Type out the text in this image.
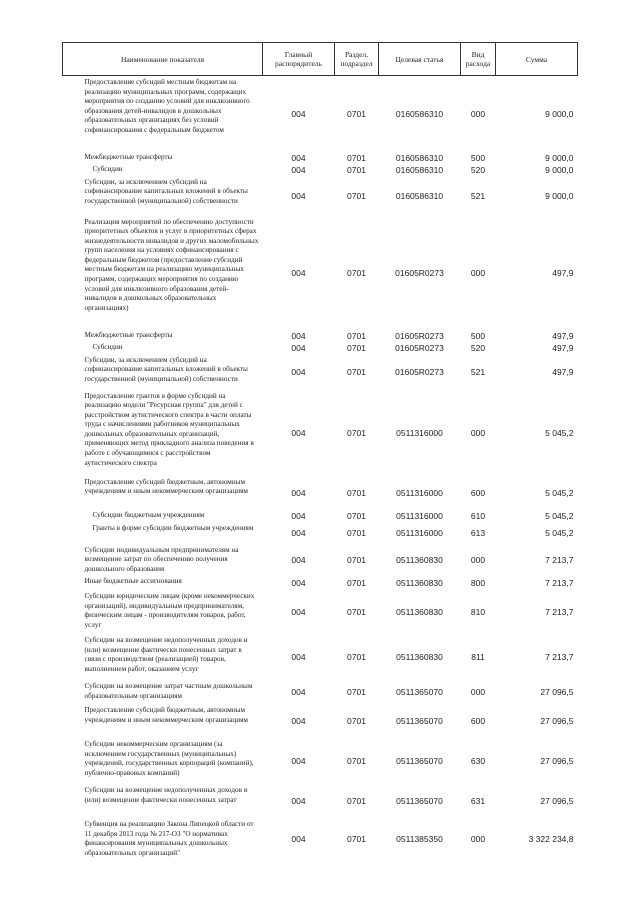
Наименование показателя	Главный распорядитель	Раздел, подраздел	Целевая статья	Вид расхода	Сумма
Предоставление субсидий местным бюджетам на реализацию муниципальных программ, содержащих мероприятия по созданию условий для инклюзивного образования детей-инвалидов в дошкольных образовательных организациях без условий софинансирования с федеральным бюджетом	004	0701	0160586310	000	9 000,0
Межбюджетные трансферты	004	0701	0160586310	500	9 000,0
Субсидии	004	0701	0160586310	520	9 000,0
Субсидии, за исключением субсидий на софинансирование капитальных вложений в объекты государственной (муниципальной) собственности	004	0701	0160586310	521	9 000,0
Реализация мероприятий по обеспечению доступности приоритетных объектов и услуг в приоритетных сферах жизнедеятельности инвалидов и других маломобильных групп населения на условиях софинансирования с федеральным бюджетом (предоставление субсидий местным бюджетам на реализацию муниципальных программ, содержащих мероприятия по созданию условий для инклюзивного образования детей-инвалидов в дошкольных образовательных организациях)	004	0701	01605R0273	000	497,9
Межбюджетные трансферты	004	0701	01605R0273	500	497,9
Субсидии	004	0701	01605R0273	520	497,9
Субсидии, за исключением субсидий на софинансирование капитальных вложений в объекты государственной (муниципальной) собственности	004	0701	01605R0273	521	497,9
Предоставление грантов в форме субсидий на реализацию модели "Ресурсная группа" для детей с расстройством аутистического спектра в части оплаты труда с начислениями работников муниципальных дошкольных образовательных организаций, применяющих метод прикладного анализа поведения в работе с обучающимися с расстройством аутистического спектра	004	0701	0511316000	000	5 045,2
Предоставление субсидий бюджетным, автономным учреждениям и иным некоммерческим организациям	004	0701	0511316000	600	5 045,2
Субсидии бюджетным учреждениям	004	0701	0511316000	610	5 045,2
Гранты в форме субсидии бюджетным учреждениям	004	0701	0511316000	613	5 045,2
Субсидии индивидуальным предпринимателям на возмещение затрат по обеспечению получения дошкольного образования	004	0701	0511360830	000	7 213,7
Иные бюджетные ассигнования	004	0701	0511360830	800	7 213,7
Субсидии юридическим лицам (кроме некоммерческих организаций), индивидуальным предпринимателям, физическим лицам - производителям товаров, работ, услуг	004	0701	0511360830	810	7 213,7
Субсидии на возмещение недополученных доходов и (или) возмещение фактически понесенных затрат в связи с производством (реализацией) товаров, выполнением работ, оказанием услуг	004	0701	0511360830	811	7 213,7
Субсидии на возмещение затрат частным дошкольным образовательным организациям	004	0701	0511365070	000	27 096,5
Предоставление субсидий бюджетным, автономным учреждениям и иным некоммерческим организациям	004	0701	0511365070	600	27 096,5
Субсидии некоммерческим организациям (за исключением государственных (муниципальных) учреждений, государственных корпораций (компаний), публично-правовых компаний)	004	0701	0511365070	630	27 096,5
Субсидии на возмещение недополученных доходов и (или) возмещение фактически понесенных затрат	004	0701	0511365070	631	27 096,5
Субвенция на реализацию Закона Липецкой области от 11 декабря 2013 года № 217-ОЗ "О нормативах финансирования муниципальных дошкольных образовательных организаций"	004	0701	0511385350	000	3 322 234,8
